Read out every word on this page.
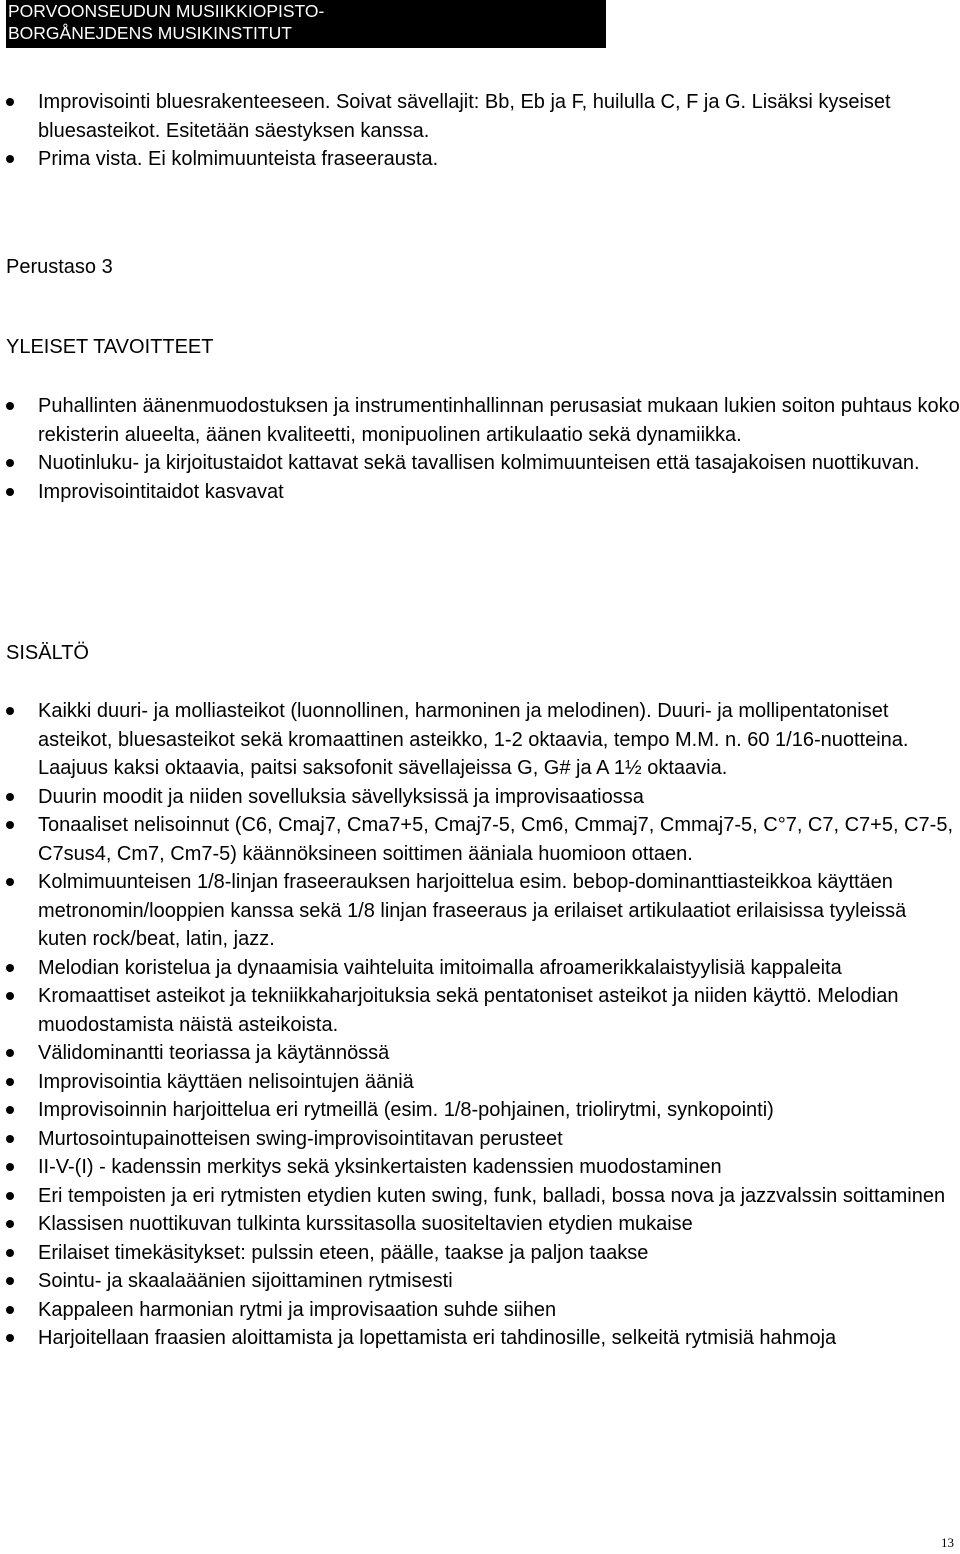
PORVOONSEUDUN MUSIIKKIOPISTO-
BORGÅNEJDENS MUSIKINSTITUT
Improvisointi bluesrakenteeseen. Soivat sävellajit: Bb, Eb ja F, huilulla C, F ja G. Lisäksi kyseiset bluesasteikot. Esitetään säestyksen kanssa.
Prima vista. Ei kolmimuunteista fraseerausta.
Perustaso 3
YLEISET TAVOITTEET
Puhallinten äänenmuodostuksen ja instrumentinhallinnan perusasiat mukaan lukien soiton puhtaus koko rekisterin alueelta, äänen kvaliteetti, monipuolinen artikulaatio sekä dynamiikka.
Nuotinluku- ja kirjoitustaidot kattavat sekä tavallisen kolmimuunteisen että tasajakoisen nuottikuvan.
Improvisointitaidot kasvavat
SISÄLTÖ
Kaikki duuri- ja molliasteikot (luonnollinen, harmoninen ja melodinen). Duuri- ja mollipentatoniset asteikot, bluesasteikot sekä kromaattinen asteikko, 1-2 oktaavia, tempo M.M. n. 60 1/16-nuotteina. Laajuus kaksi oktaavia, paitsi saksofonit sävellajeissa G, G# ja A 1½ oktaavia.
Duurin moodit ja niiden sovelluksia sävellyksissä ja improvisaatiossa
Tonaaliset nelisoinnut (C6, Cmaj7, Cma7+5, Cmaj7-5, Cm6, Cmmaj7, Cmmaj7-5, C°7, C7, C7+5, C7-5, C7sus4, Cm7, Cm7-5) käännöksineen soittimen ääniala huomioon ottaen.
Kolmimuunteisen 1/8-linjan fraseerauksen harjoittelua esim. bebop-dominanttiasteikkoa käyttäen metronomin/looppien kanssa sekä 1/8 linjan fraseeraus ja erilaiset artikulaatiot erilaisissa tyyleissä kuten rock/beat, latin, jazz.
Melodian koristelua ja dynaamisia vaihteluita imitoimalla afroamerikkalaistyylisiä kappaleita
Kromaattiset asteikot ja tekniikkaharjoituksia sekä pentatoniset asteikot ja niiden käyttö. Melodian muodostamista näistä asteikoista.
Välidominantti teoriassa ja käytännössä
Improvisointia käyttäen nelisointujen ääniä
Improvisoinnin harjoittelua eri rytmeillä (esim. 1/8-pohjainen, triolirytmi, synkopointi)
Murtosointupainotteisen swing-improvisointitavan perusteet
II-V-(I) - kadenssin merkitys sekä yksinkertaisten kadenssien muodostaminen
Eri tempoisten ja eri rytmisten etydien kuten swing, funk, balladi, bossa nova ja jazzvalssin soittaminen
Klassisen nuottikuvan tulkinta kurssitasolla suositeltavien etydien mukaise
Erilaiset timekäsitykset: pulssin eteen, päälle, taakse ja paljon taakse
Sointu- ja skaalaäänien sijoittaminen rytmisesti
Kappaleen harmonian rytmi ja improvisaation suhde siihen
Harjoitellaan fraasien aloittamista ja lopettamista eri tahdinosille, selkeitä rytmisiä hahmoja
13
